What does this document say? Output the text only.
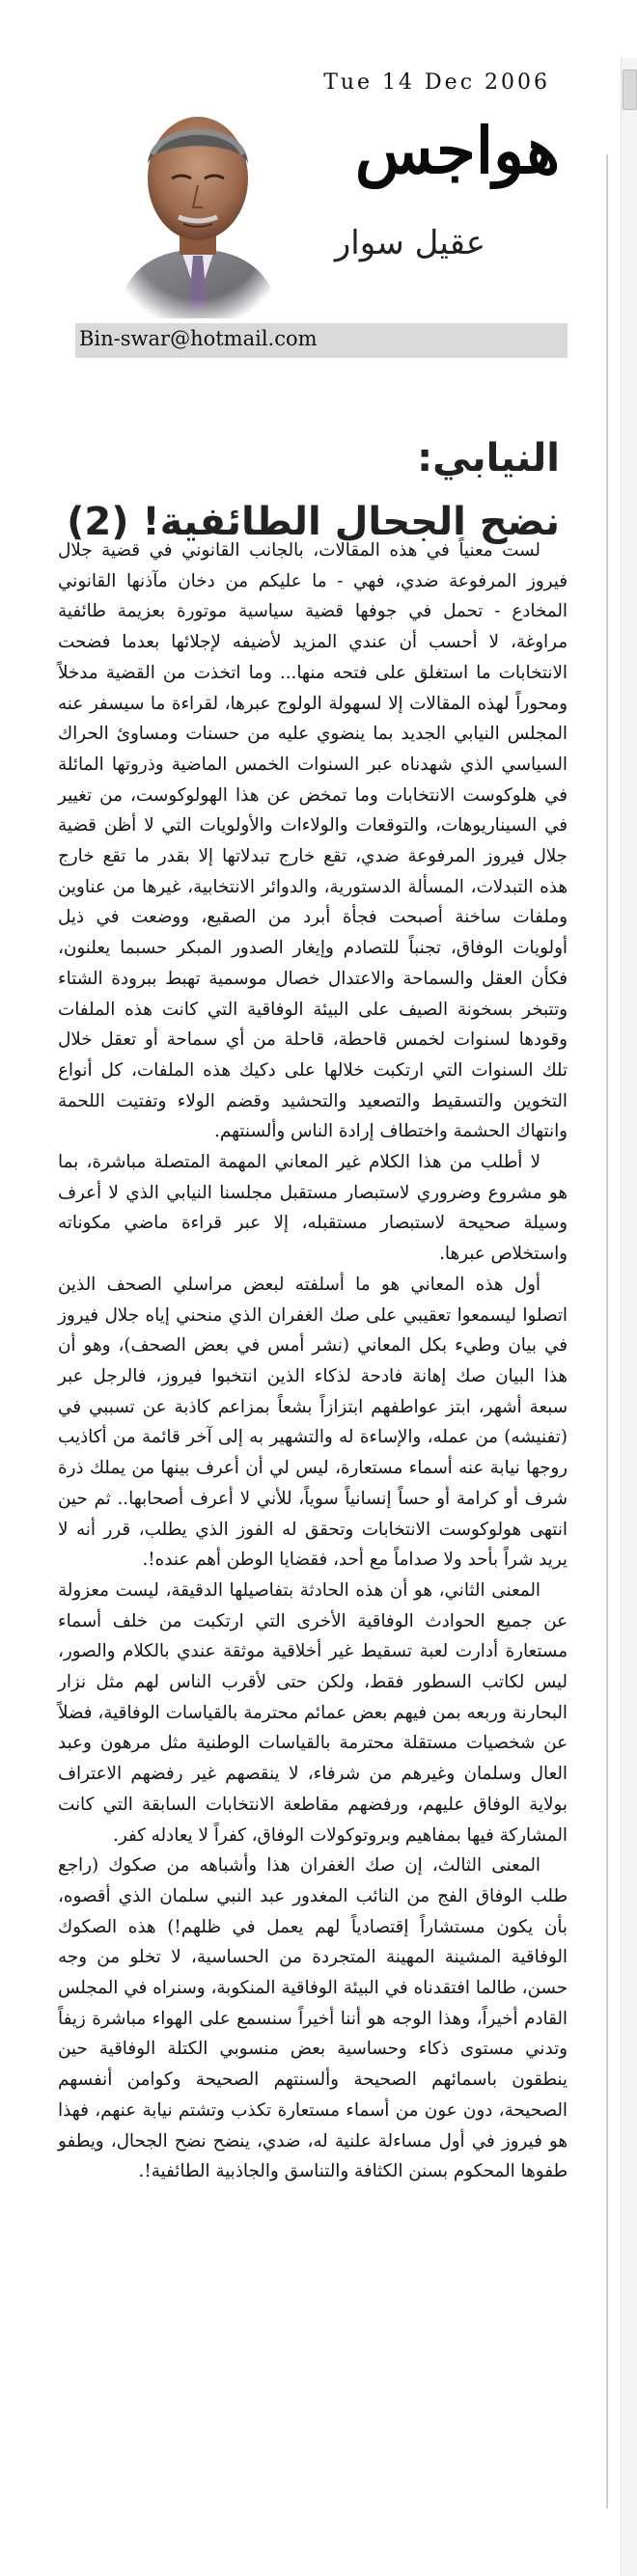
Tue 14 Dec 2006
هواجس
عقيل سوار
Bin-swar@hotmail.com
النيابي:
نضح الجحال الطائفية! (2)

لست معنياً في هذه المقالات، بالجانب القانوني في قضية جلال فيروز المرفوعة ضدي، فهي - ما عليكم من دخان مآذنها القانوني المخادع - تحمل في جوفها قضية سياسية موتورة بعزيمة طائفية مراوغة، لا أحسب أن عندي المزيد لأضيفه لإجلائها بعدما فضحت الانتخابات ما استغلق على فتحه منها... وما اتخذت من القضية مدخلاً ومحوراً لهذه المقالات إلا لسهولة الولوج عبرها، لقراءة ما سيسفر عنه المجلس النيابي الجديد بما ينضوي عليه من حسنات ومساوئ الحراك السياسي الذي شهدناه عبر السنوات الخمس الماضية وذروتها المائلة في هلوكوست الانتخابات وما تمخض عن هذا الهولوكوست، من تغيير في السيناريوهات، والتوقعات والولاءات والأولويات التي لا أظن قضية جلال فيروز المرفوعة ضدي، تقع خارج تبدلاتها إلا بقدر ما تقع خارج هذه التبدلات، المسألة الدستورية، والدوائر الانتخابية، غيرها من عناوين وملفات ساخنة أصبحت فجأة أبرد من الصقيع، ووضعت في ذيل أولويات الوفاق، تجنباً للتصادم وإيغار الصدور المبكر حسبما يعلنون، فكأن العقل والسماحة والاعتدال خصال موسمية تهبط ببرودة الشتاء وتتبخر بسخونة الصيف على البيئة الوفاقية التي كانت هذه الملفات وقودها لسنوات لخمس قاحطة، قاحلة من أي سماحة أو تعقل خلال تلك السنوات التي ارتكبت خلالها على دكيك هذه الملفات، كل أنواع التخوين والتسقيط والتصعيد والتحشيد وقضم الولاء وتفتيت اللحمة وانتهاك الحشمة واختطاف إرادة الناس وألسنتهم.

لا أطلب من هذا الكلام غير المعاني المهمة المتصلة مباشرة، بما هو مشروع وضروري لاستبصار مستقبل مجلسنا النيابي الذي لا أعرف وسيلة صحيحة لاستبصار مستقبله، إلا عبر قراءة ماضي مكوناته واستخلاص عبرها.

أول هذه المعاني هو ما أسلفته لبعض مراسلي الصحف الذين اتصلوا ليسمعوا تعقيبي على صك الغفران الذي منحني إياه جلال فيروز في بيان وطيء بكل المعاني (نشر أمس في بعض الصحف)، وهو أن هذا البيان صك إهانة فادحة لذكاء الذين انتخبوا فيروز، فالرجل عبر سبعة أشهر، ابتز عواطفهم ابتزازاً بشعاً بمزاعم كاذبة عن تسببي في (تفنيشه) من عمله، والإساءة له والتشهير به إلى آخر قائمة من أكاذيب روجها نيابة عنه أسماء مستعارة، ليس لي أن أعرف بينها من يملك ذرة شرف أو كرامة أو حساً إنسانياً سوياً، للأني لا أعرف أصحابها.. ثم حين انتهى هولوكوست الانتخابات وتحقق له الفوز الذي يطلب، قرر أنه لا يريد شراً بأحد ولا صداماً مع أحد، فقضايا الوطن أهم عنده!.

المعنى الثاني، هو أن هذه الحادثة بتفاصيلها الدقيقة، ليست معزولة عن جميع الحوادث الوفاقية الأخرى التي ارتكبت من خلف أسماء مستعارة أدارت لعبة تسقيط غير أخلاقية موثقة عندي بالكلام والصور، ليس لكاتب السطور فقط، ولكن حتى لأقرب الناس لهم مثل نزار البحارنة وربعه بمن فيهم بعض عمائم محترمة بالقياسات الوفاقية، فضلاً عن شخصيات مستقلة محترمة بالقياسات الوطنية مثل مرهون وعبد العال وسلمان وغيرهم من شرفاء، لا ينقصهم غير رفضهم الاعتراف بولاية الوفاق عليهم، ورفضهم مقاطعة الانتخابات السابقة التي كانت المشاركة فيها بمفاهيم وبروتوكولات الوفاق، كفراً لا يعادله كفر.

المعنى الثالث، إن صك الغفران هذا وأشباهه من صكوك (راجع طلب الوفاق الفج من النائب المغدور عبد النبي سلمان الذي أقصوه، بأن يكون مستشاراً إقتصادياً لهم يعمل في ظلهم!) هذه الصكوك الوفاقية المشينة المهينة المتجردة من الحساسية، لا تخلو من وجه حسن، طالما افتقدناه في البيئة الوفاقية المنكوبة، وسنراه في المجلس القادم أخيراً، وهذا الوجه هو أننا أخيراً سنسمع على الهواء مباشرة زيفاً وتدني مستوى ذكاء وحساسية بعض منسوبي الكتلة الوفاقية حين ينطقون باسمائهم الصحيحة وألسنتهم الصحيحة وكوامن أنفسهم الصحيحة، دون عون من أسماء مستعارة تكذب وتشتم نيابة عنهم، فهذا هو فيروز في أول مساءلة علنية له، ضدي، ينضح نضح الجحال، ويطفو طفوها المحكوم بسنن الكثافة والتناسق والجاذبية الطائفية!.
